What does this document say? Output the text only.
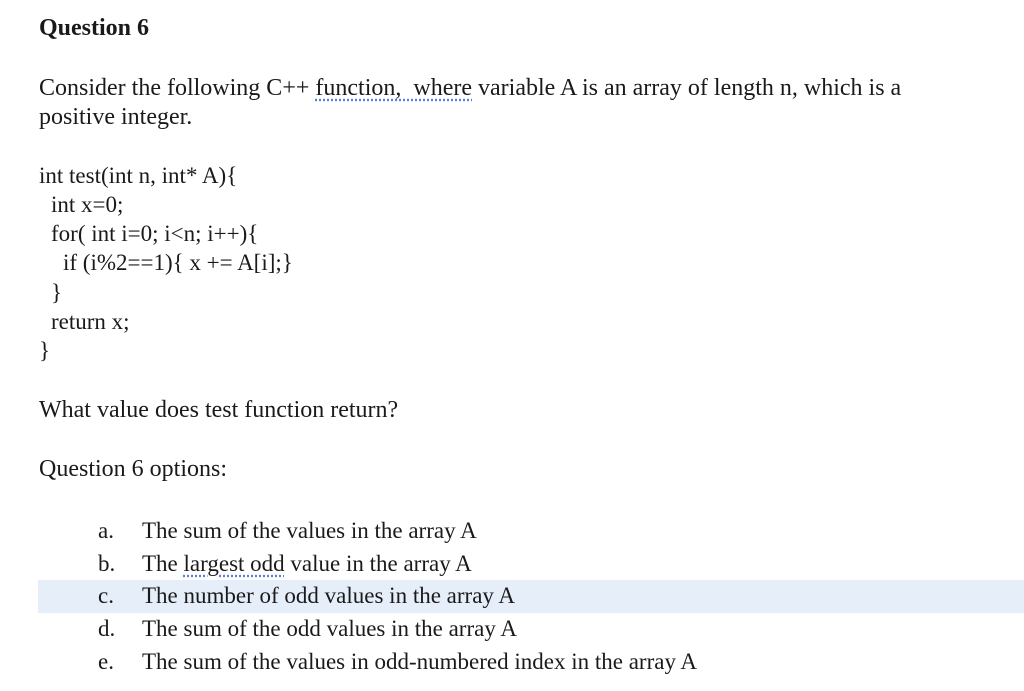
Question 6
Consider the following C++ function,  where variable A is an array of length n, which is a
positive integer.
int test(int n, int* A){
int x=0;
for( int i=0; i<n; i++){
if (i%2==1){ x += A[i];}
}
return x;
}
What value does test function return?
Question 6 options:
a. The sum of the values in the array A
b. The largest odd value in the array A
c. The number of odd values in the array A
d. The sum of the odd values in the array A
e. The sum of the values in odd-numbered index in the array A
